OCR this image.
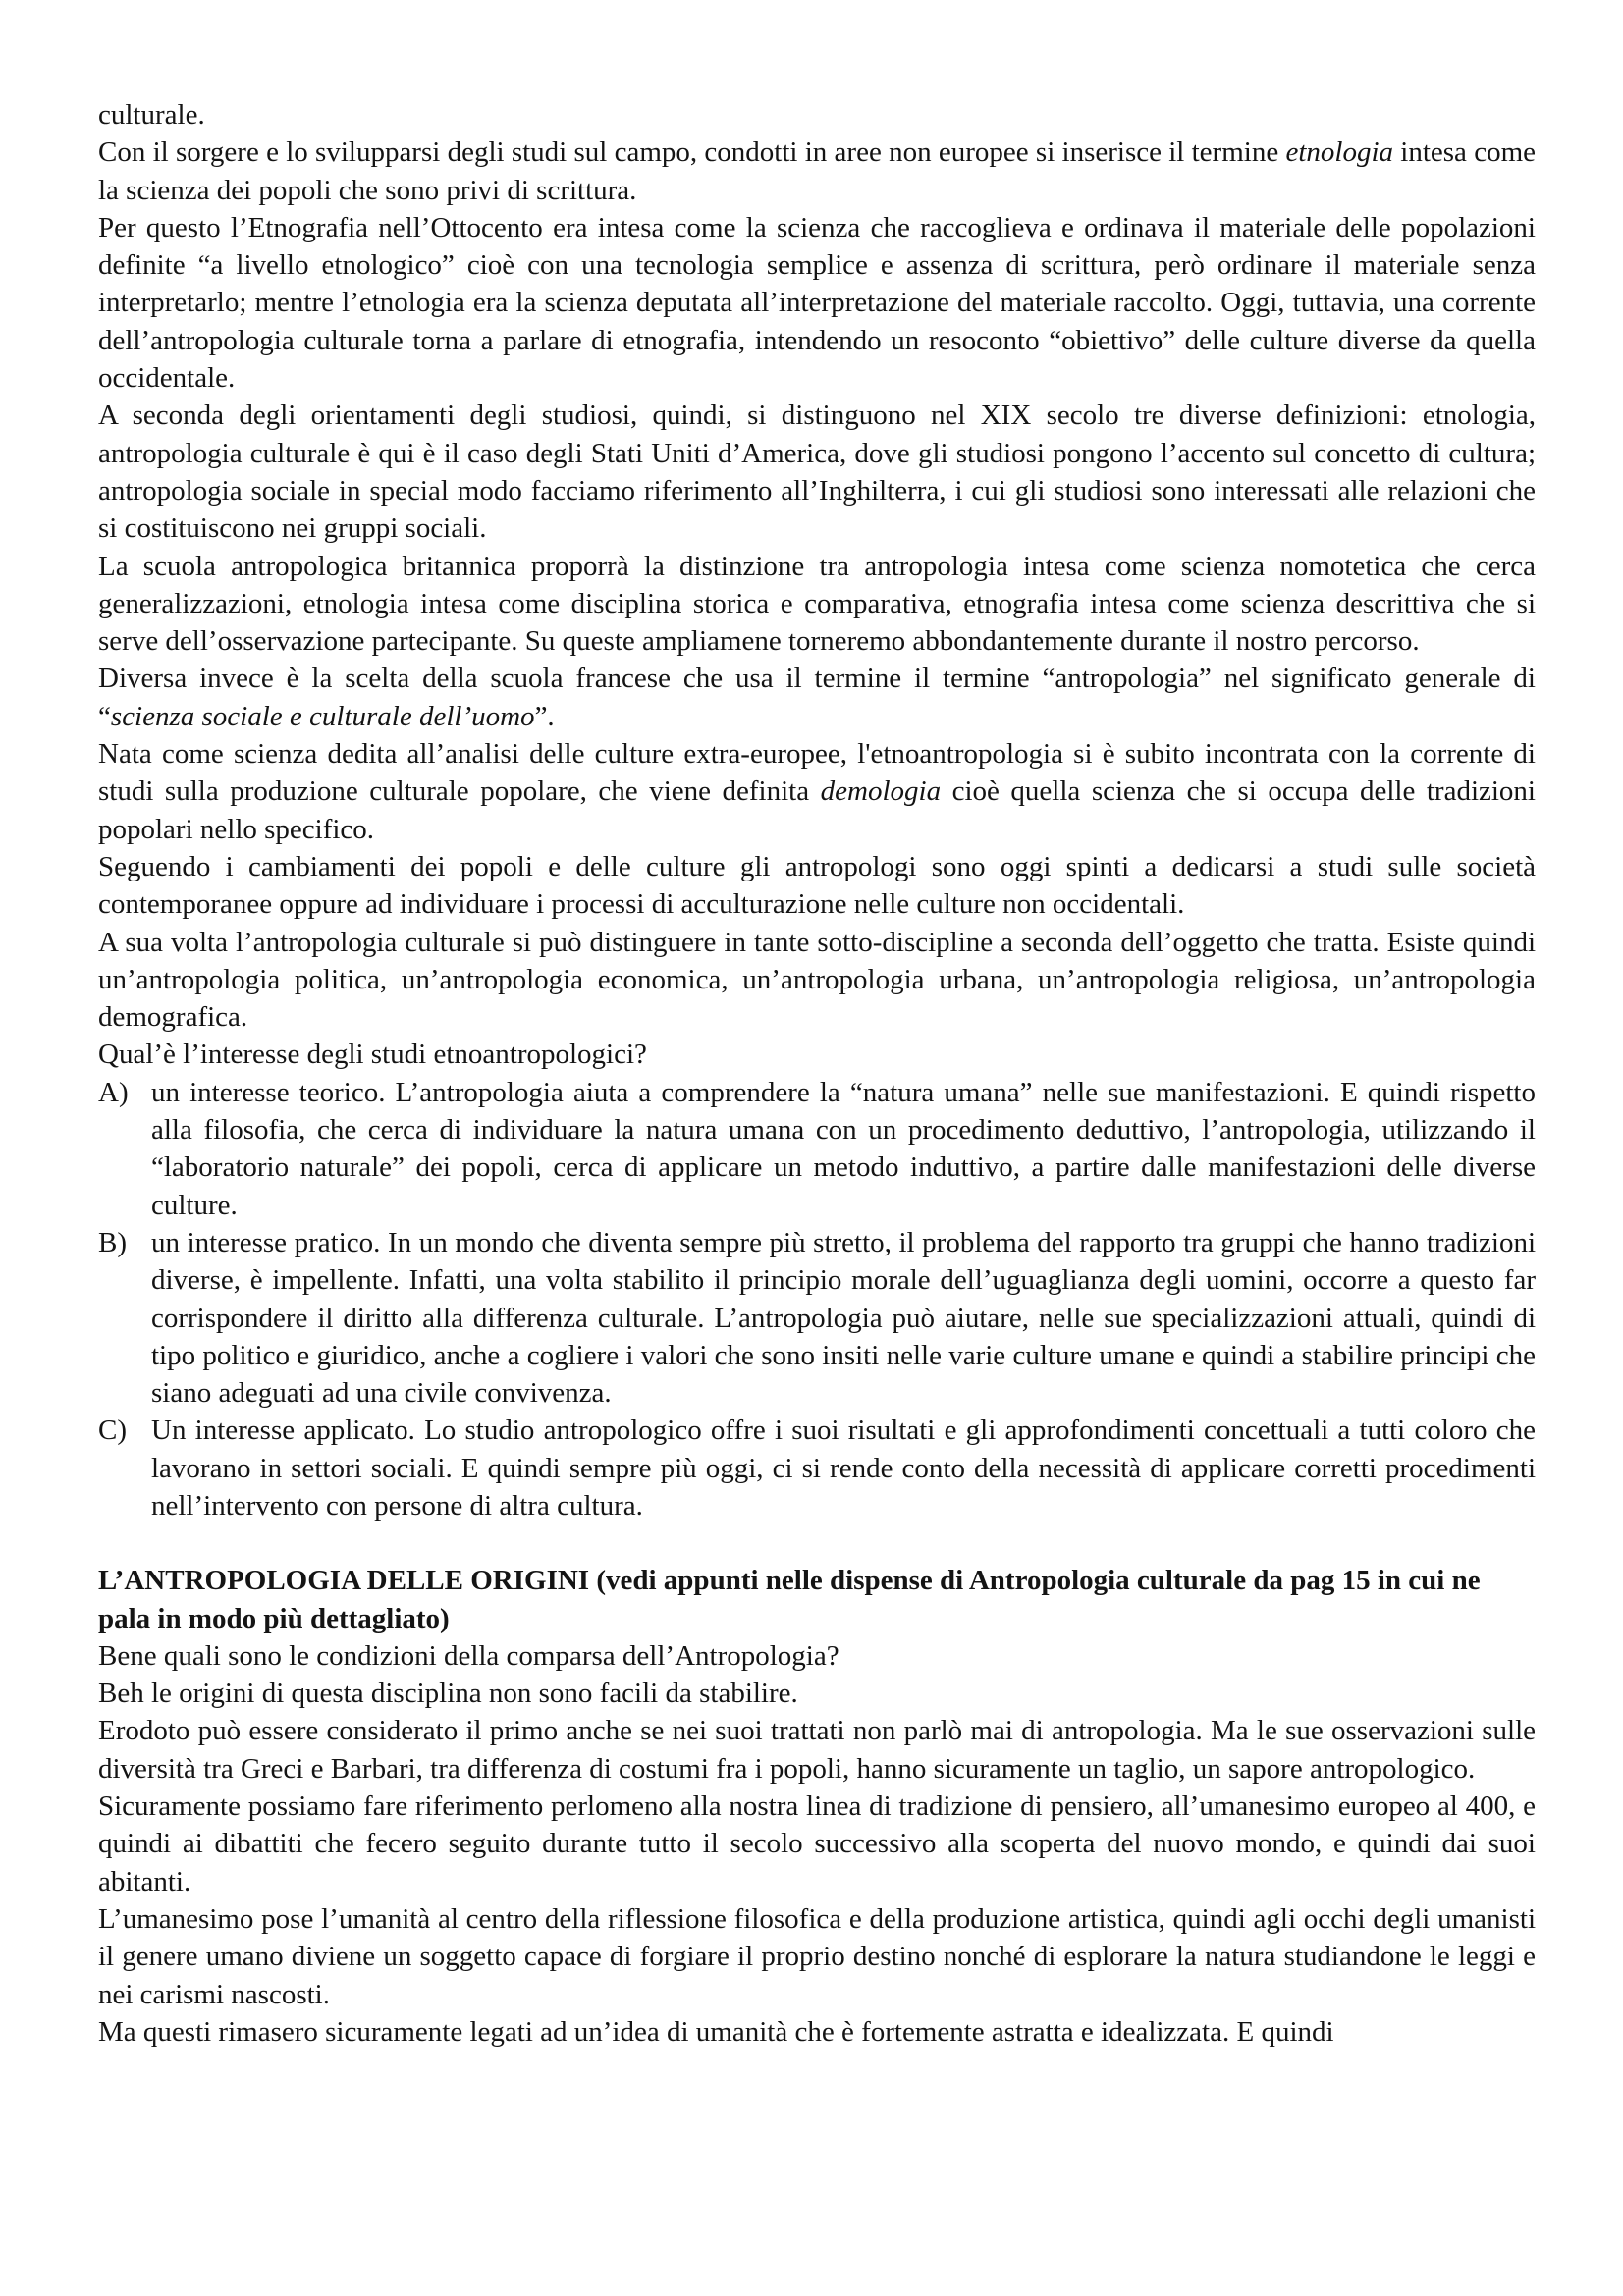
culturale.

Con il sorgere e lo svilupparsi degli studi sul campo, condotti in aree non europee si inserisce il termine etnologia intesa come la scienza dei popoli che sono privi di scrittura.

Per questo l’Etnografia nell’Ottocento era intesa come la scienza che raccoglieva e ordinava il materiale delle popolazioni definite “a livello etnologico” cioè con una tecnologia semplice e assenza di scrittura, però ordinare il materiale senza interpretarlo; mentre l’etnologia era la scienza deputata all’interpretazione del materiale raccolto. Oggi, tuttavia, una corrente dell’antropologia culturale torna a parlare di etnografia, intendendo un resoconto “obiettivo” delle culture diverse da quella occidentale.

A seconda degli orientamenti degli studiosi, quindi, si distinguono nel XIX secolo tre diverse definizioni: etnologia, antropologia culturale è qui è il caso degli Stati Uniti d’America, dove gli studiosi pongono l’accento sul concetto di cultura; antropologia sociale in special modo facciamo riferimento all’Inghilterra, i cui gli studiosi sono interessati alle relazioni che si costituiscono nei gruppi sociali.

La scuola antropologica britannica proporrà la distinzione tra antropologia intesa come scienza nomotetica che cerca generalizzazioni, etnologia intesa come disciplina storica e comparativa, etnografia intesa come scienza descrittiva che si serve dell’osservazione partecipante. Su queste ampliamene torneremo abbondantemente durante il nostro percorso.

Diversa invece è la scelta della scuola francese che usa il termine il termine “antropologia” nel significato generale di “scienza sociale e culturale dell’uomo”.

Nata come scienza dedita all’analisi delle culture extra-europee, l'etnoantropologia si è subito incontrata con la corrente di studi sulla produzione culturale popolare, che viene definita demologia cioè quella scienza che si occupa delle tradizioni popolari nello specifico.

Seguendo i cambiamenti dei popoli e delle culture gli antropologi sono oggi spinti a dedicarsi a studi sulle società contemporanee oppure ad individuare i processi di acculturazione nelle culture non occidentali.

A sua volta l’antropologia culturale si può distinguere in tante sotto-discipline a seconda dell’oggetto che tratta. Esiste quindi un’antropologia politica, un’antropologia economica, un’antropologia urbana, un’antropologia religiosa, un’antropologia demografica.

Qual’è l’interesse degli studi etnoantropologici?

A) un interesse teorico. L’antropologia aiuta a comprendere la “natura umana” nelle sue manifestazioni. E quindi rispetto alla filosofia, che cerca di individuare la natura umana con un procedimento deduttivo, l’antropologia, utilizzando il “laboratorio naturale” dei popoli, cerca di applicare un metodo induttivo, a partire dalle manifestazioni delle diverse culture.
B) un interesse pratico. In un mondo che diventa sempre più stretto, il problema del rapporto tra gruppi che hanno tradizioni diverse, è impellente. Infatti, una volta stabilito il principio morale dell’uguaglianza degli uomini, occorre a questo far corrispondere il diritto alla differenza culturale. L’antropologia può aiutare, nelle sue specializzazioni attuali, quindi di tipo politico e giuridico, anche a cogliere i valori che sono insiti nelle varie culture umane e quindi a stabilire principi che siano adeguati ad una civile convivenza.
C) Un interesse applicato. Lo studio antropologico offre i suoi risultati e gli approfondimenti concettuali a tutti coloro che lavorano in settori sociali. E quindi sempre più oggi, ci si rende conto della necessità di applicare corretti procedimenti nell’intervento con persone di altra cultura.

L’ANTROPOLOGIA DELLE ORIGINI (vedi appunti nelle dispense di Antropologia culturale da pag 15 in cui ne pala in modo più dettagliato)

Bene quali sono le condizioni della comparsa dell’Antropologia?

Beh le origini di questa disciplina non sono facili da stabilire.

Erodoto può essere considerato il primo anche se nei suoi trattati non parlò mai di antropologia. Ma le sue osservazioni sulle diversità tra Greci e Barbari, tra differenza di costumi fra i popoli, hanno sicuramente un taglio, un sapore antropologico.

Sicuramente possiamo fare riferimento perlomeno alla nostra linea di tradizione di pensiero, all’umanesimo europeo al 400, e quindi ai dibattiti che fecero seguito durante tutto il secolo successivo alla scoperta del nuovo mondo, e quindi dai suoi abitanti.

L’umanesimo pose l’umanità al centro della riflessione filosofica e della produzione artistica, quindi agli occhi degli umanisti il genere umano diviene un soggetto capace di forgiare il proprio destino nonché di esplorare la natura studiandone le leggi e nei carismi nascosti.

Ma questi rimasero sicuramente legati ad un’idea di umanità che è fortemente astratta e idealizzata. E quindi
